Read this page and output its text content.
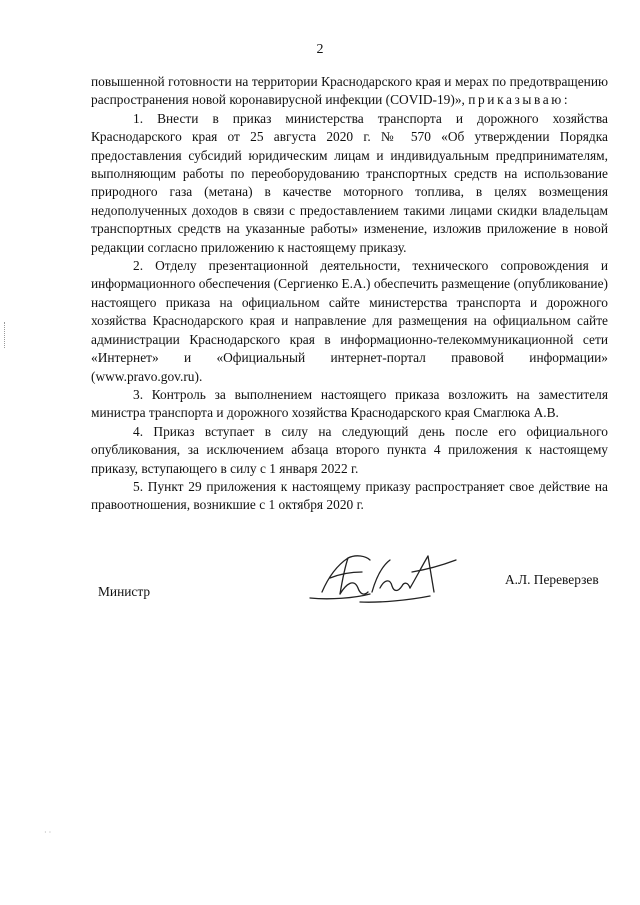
2

повышенной готовности на территории Краснодарского края и мерах по предотвращению распространения новой коронавирусной инфекции (COVID-19)», приказываю:

1. Внести в приказ министерства транспорта и дорожного хозяйства Краснодарского края от 25 августа 2020 г. № 570 «Об утверждении Порядка предоставления субсидий юридическим лицам и индивидуальным предпринимателям, выполняющим работы по переоборудованию транспортных средств на использование природного газа (метана) в качестве моторного топлива, в целях возмещения недополученных доходов в связи с предоставлением такими лицами скидки владельцам транспортных средств на указанные работы» изменение, изложив приложение в новой редакции согласно приложению к настоящему приказу.

2. Отделу презентационной деятельности, технического сопровождения и информационного обеспечения (Сергиенко Е.А.) обеспечить размещение (опубликование) настоящего приказа на официальном сайте министерства транспорта и дорожного хозяйства Краснодарского края и направление для размещения на официальном сайте администрации Краснодарского края в информационно-телекоммуникационной сети «Интернет» и «Официальный интернет-портал правовой информации» (www.pravo.gov.ru).

3. Контроль за выполнением настоящего приказа возложить на заместителя министра транспорта и дорожного хозяйства Краснодарского края Смаглюка А.В.

4. Приказ вступает в силу на следующий день после его официального опубликования, за исключением абзаца второго пункта 4 приложения к настоящему приказу, вступающего в силу с 1 января 2022 г.

5. Пункт 29 приложения к настоящему приказу распространяет свое действие на правоотношения, возникшие с 1 октября 2020 г.

Министр
А.Л. Переверзев
· ·
